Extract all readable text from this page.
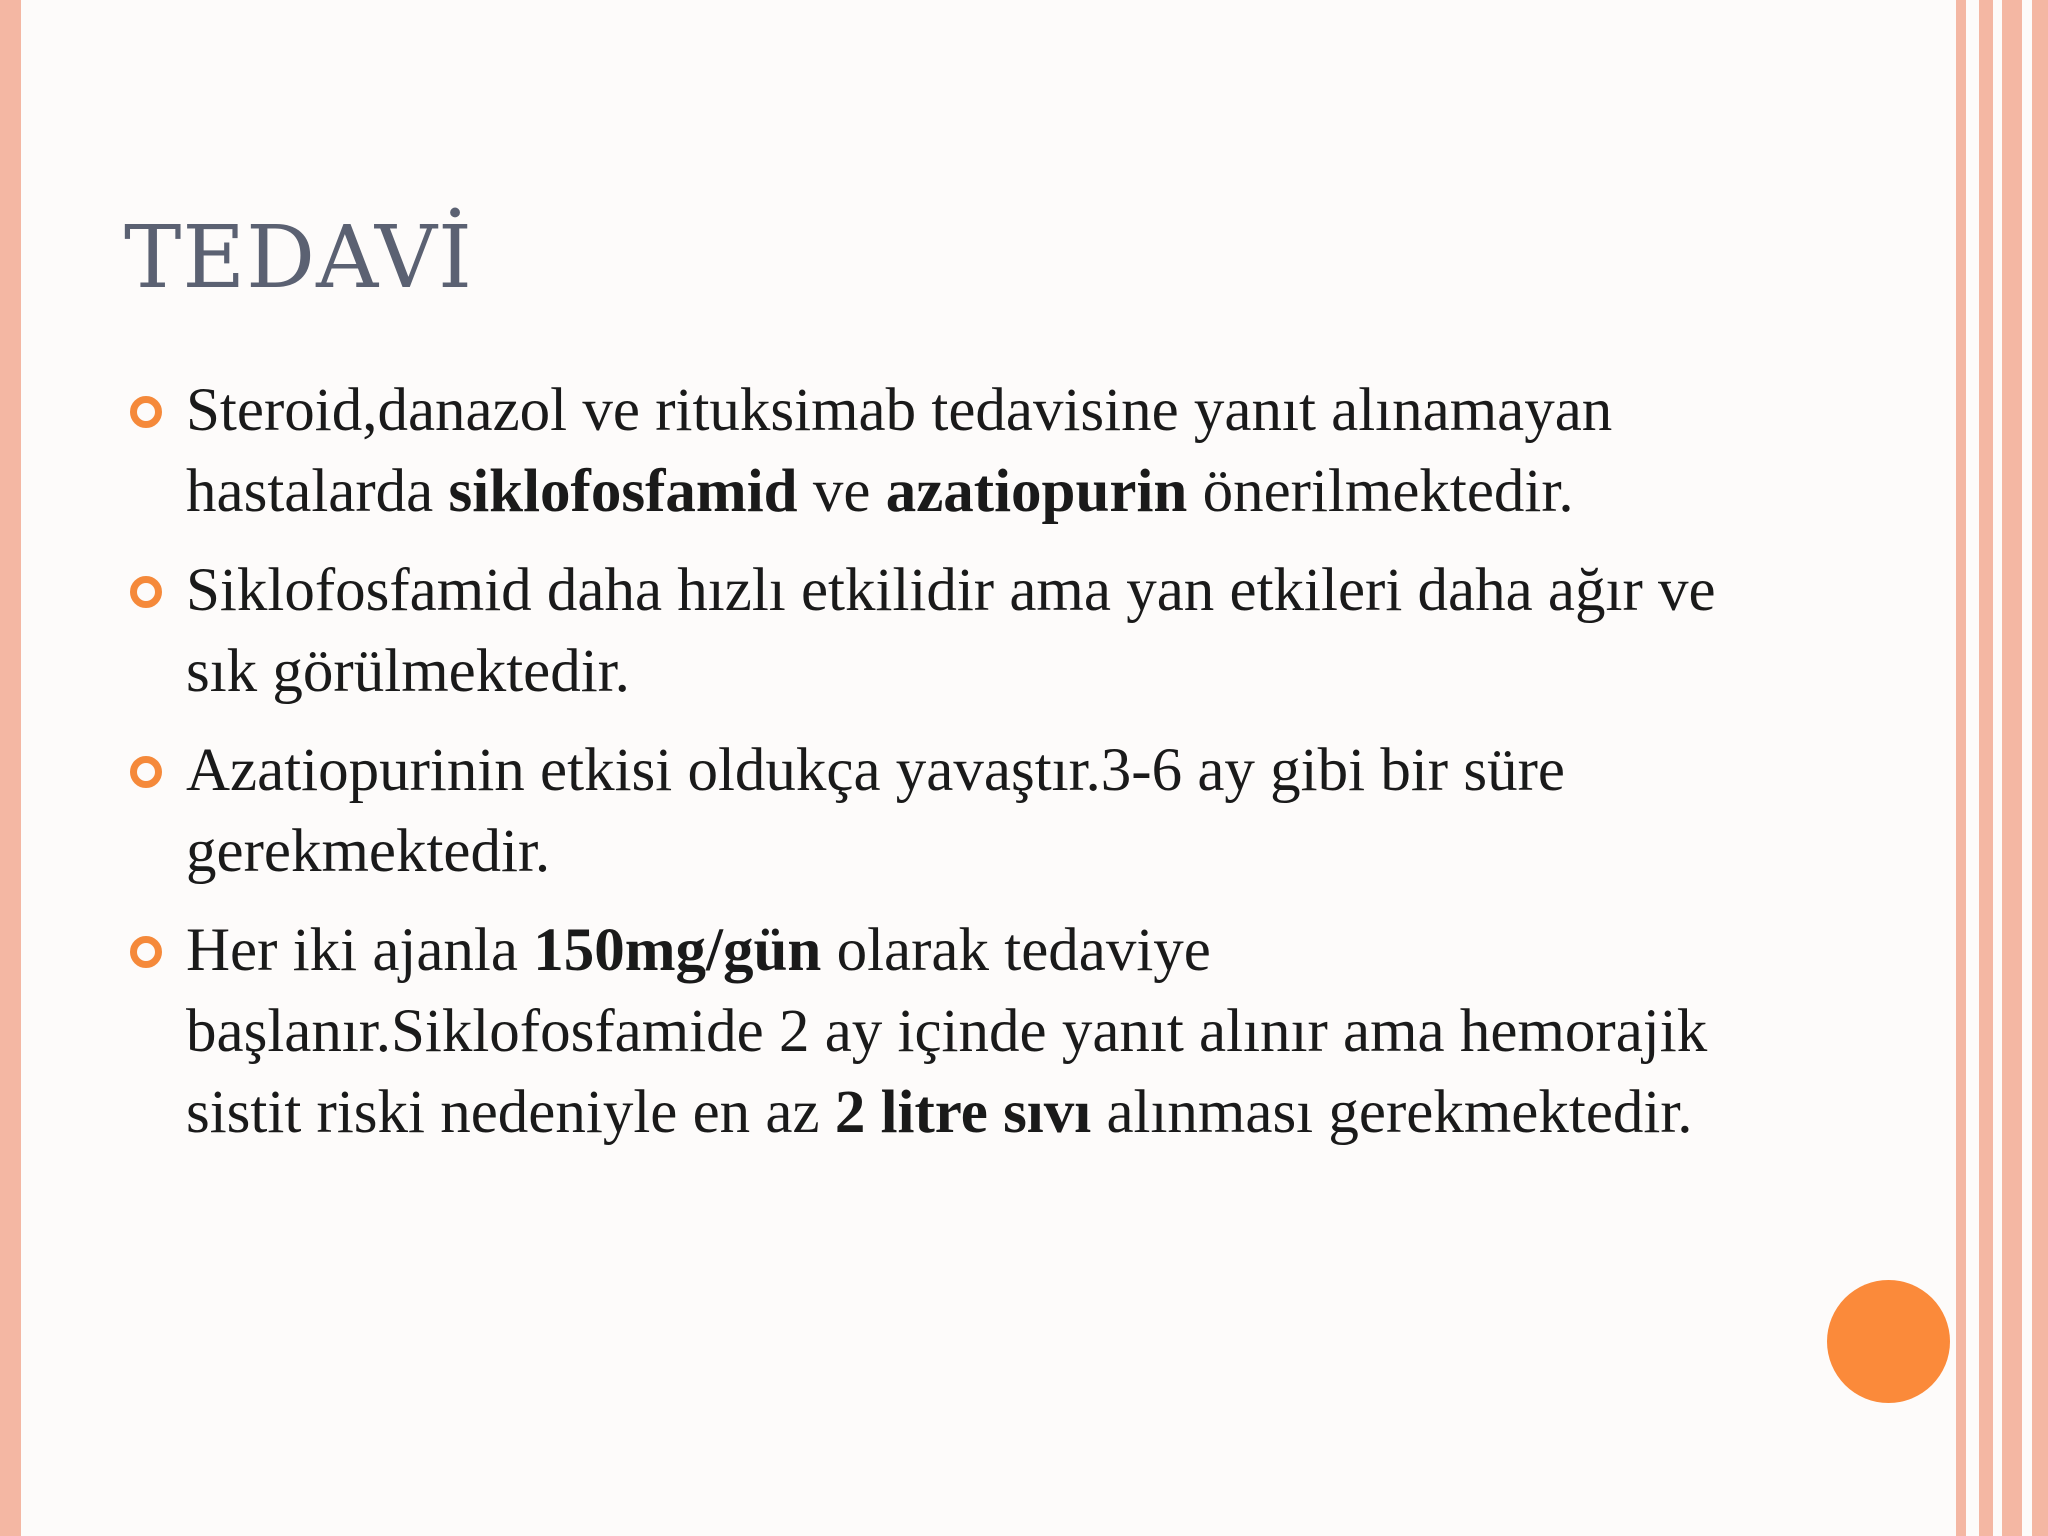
TEDAVİ
Steroid,danazol ve rituksimab tedavisine yanıt alınamayan hastalarda siklofosfamid ve azatiopurin önerilmektedir.
Siklofosfamid daha hızlı etkilidir ama yan etkileri daha ağır ve sık görülmektedir.
Azatiopurinin etkisi oldukça yavaştır.3-6 ay gibi bir süre gerekmektedir.
Her iki ajanla 150mg/gün olarak tedaviye başlanır.Siklofosfamide 2 ay içinde yanıt alınır ama hemorajik sistit riski nedeniyle en az 2 litre sıvı alınması gerekmektedir.
